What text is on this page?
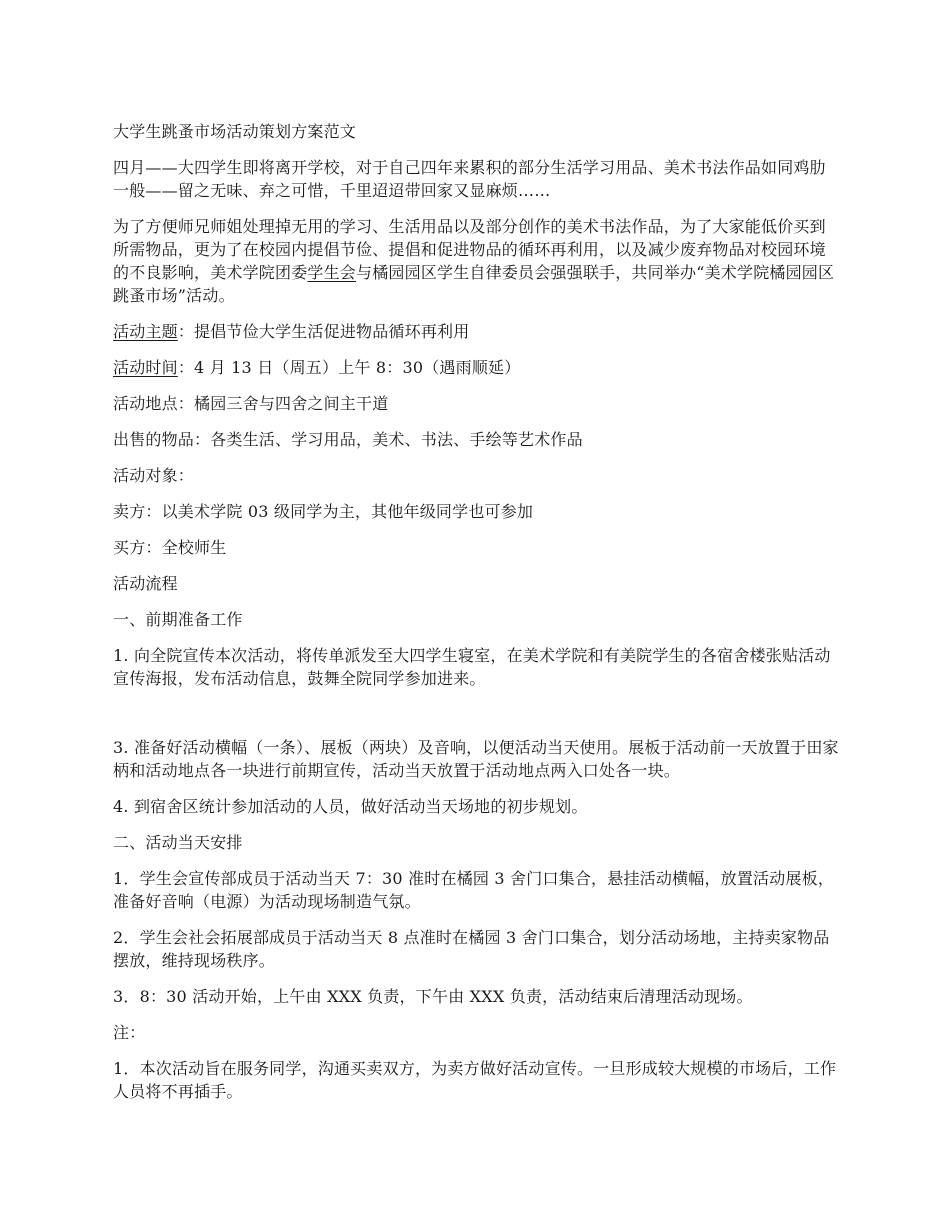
大学生跳蚤市场活动策划方案范文

四月——大四学生即将离开学校，对于自己四年来累积的部分生活学习用品、美术书法作品如同鸡肋一般——留之无味、弃之可惜，千里迢迢带回家又显麻烦……

为了方便师兄师姐处理掉无用的学习、生活用品以及部分创作的美术书法作品，为了大家能低价买到所需物品，更为了在校园内提倡节俭、提倡和促进物品的循环再利用，以及减少废弃物品对校园环境的不良影响，美术学院团委学生会与橘园园区学生自律委员会强强联手，共同举办“美术学院橘园园区跳蚤市场”活动。

活动主题：提倡节俭大学生活促进物品循环再利用

活动时间：4 月 13 日（周五）上午 8：30（遇雨顺延）

活动地点：橘园三舍与四舍之间主干道

出售的物品：各类生活、学习用品，美术、书法、手绘等艺术作品

活动对象：

卖方：以美术学院 03 级同学为主，其他年级同学也可参加

买方：全校师生

活动流程

一、前期准备工作

1. 向全院宣传本次活动，将传单派发至大四学生寝室，在美术学院和有美院学生的各宿舍楼张贴活动宣传海报，发布活动信息，鼓舞全院同学参加进来。

3. 准备好活动横幅（一条）、展板（两块）及音响，以便活动当天使用。展板于活动前一天放置于田家柄和活动地点各一块进行前期宣传，活动当天放置于活动地点两入口处各一块。

4. 到宿舍区统计参加活动的人员，做好活动当天场地的初步规划。

二、活动当天安排

1．学生会宣传部成员于活动当天 7：30 准时在橘园 3 舍门口集合，悬挂活动横幅，放置活动展板，准备好音响（电源）为活动现场制造气氛。

2．学生会社会拓展部成员于活动当天 8 点准时在橘园 3 舍门口集合，划分活动场地，主持卖家物品摆放，维持现场秩序。

3．8：30 活动开始，上午由 XXX 负责，下午由 XXX 负责，活动结束后清理活动现场。

注：

1．本次活动旨在服务同学，沟通买卖双方，为卖方做好活动宣传。一旦形成较大规模的市场后，工作人员将不再插手。
